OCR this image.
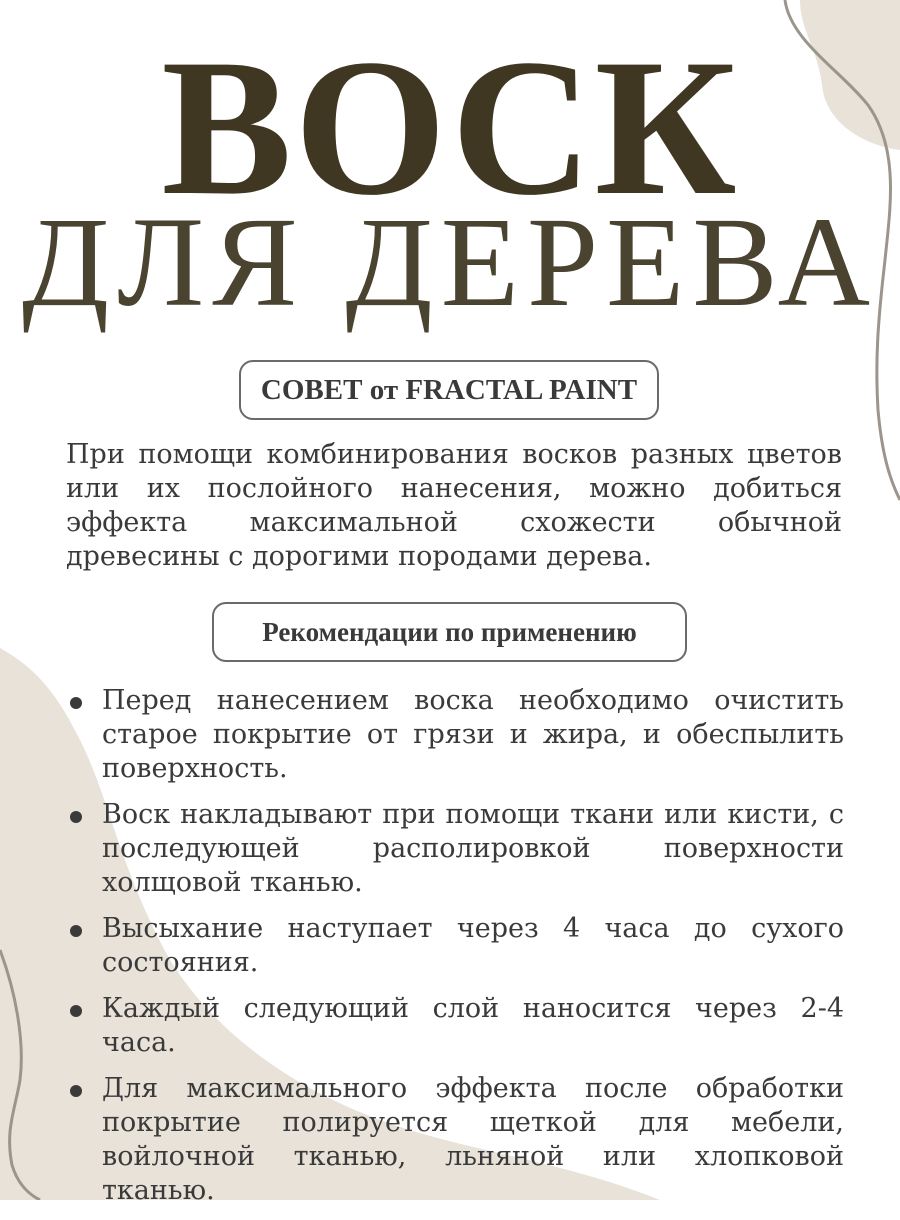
ВОСК
ДЛЯ ДЕРЕВА
СОВЕТ от FRACTAL PAINT
При помощи комбинирования восков разных цветов или их послойного нанесения, можно добиться эффекта максимальной схожести обычной древесины с дорогими породами дерева.
Рекомендации по применению
Перед нанесением воска необходимо очистить старое покрытие от грязи и жира, и обеспылить поверхность.
Воск накладывают при помощи ткани или кисти, с последующей располировкой поверхности холщовой тканью.
Высыхание наступает через 4 часа до сухого состояния.
Каждый следующий слой наносится через 2-4 часа.
Для максимального эффекта после обработки покрытие полируется щеткой для мебели, войлочной тканью, льняной или хлопковой тканью.
